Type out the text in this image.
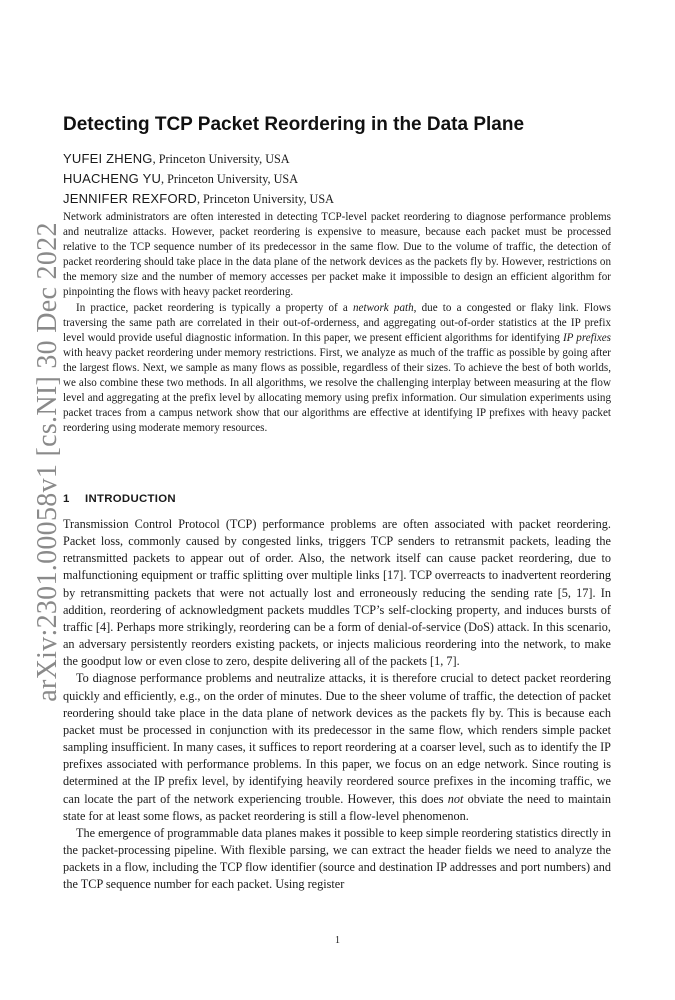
arXiv:2301.00058v1 [cs.NI] 30 Dec 2022
Detecting TCP Packet Reordering in the Data Plane
YUFEI ZHENG, Princeton University, USA
HUACHENG YU, Princeton University, USA
JENNIFER REXFORD, Princeton University, USA

Network administrators are often interested in detecting TCP-level packet reordering to diagnose performance problems and neutralize attacks. However, packet reordering is expensive to measure, because each packet must be processed relative to the TCP sequence number of its predecessor in the same flow. Due to the volume of traffic, the detection of packet reordering should take place in the data plane of the network devices as the packets fly by. However, restrictions on the memory size and the number of memory accesses per packet make it impossible to design an efficient algorithm for pinpointing the flows with heavy packet reordering.

In practice, packet reordering is typically a property of a network path, due to a congested or flaky link. Flows traversing the same path are correlated in their out-of-orderness, and aggregating out-of-order statistics at the IP prefix level would provide useful diagnostic information. In this paper, we present efficient algorithms for identifying IP prefixes with heavy packet reordering under memory restrictions. First, we analyze as much of the traffic as possible by going after the largest flows. Next, we sample as many flows as possible, regardless of their sizes. To achieve the best of both worlds, we also combine these two methods. In all algorithms, we resolve the challenging interplay between measuring at the flow level and aggregating at the prefix level by allocating memory using prefix information. Our simulation experiments using packet traces from a campus network show that our algorithms are effective at identifying IP prefixes with heavy packet reordering using moderate memory resources.

1 INTRODUCTION

Transmission Control Protocol (TCP) performance problems are often associated with packet reordering. Packet loss, commonly caused by congested links, triggers TCP senders to retransmit packets, leading the retransmitted packets to appear out of order. Also, the network itself can cause packet reordering, due to malfunctioning equipment or traffic splitting over multiple links [17]. TCP overreacts to inadvertent reordering by retransmitting packets that were not actually lost and erroneously reducing the sending rate [5, 17]. In addition, reordering of acknowledgment packets muddles TCP’s self-clocking property, and induces bursts of traffic [4]. Perhaps more strikingly, reordering can be a form of denial-of-service (DoS) attack. In this scenario, an adversary persistently reorders existing packets, or injects malicious reordering into the network, to make the goodput low or even close to zero, despite delivering all of the packets [1, 7].

To diagnose performance problems and neutralize attacks, it is therefore crucial to detect packet reordering quickly and efficiently, e.g., on the order of minutes. Due to the sheer volume of traffic, the detection of packet reordering should take place in the data plane of network devices as the packets fly by. This is because each packet must be processed in conjunction with its predecessor in the same flow, which renders simple packet sampling insufficient. In many cases, it suffices to report reordering at a coarser level, such as to identify the IP prefixes associated with performance problems. In this paper, we focus on an edge network. Since routing is determined at the IP prefix level, by identifying heavily reordered source prefixes in the incoming traffic, we can locate the part of the network experiencing trouble. However, this does not obviate the need to maintain state for at least some flows, as packet reordering is still a flow-level phenomenon.

The emergence of programmable data planes makes it possible to keep simple reordering statistics directly in the packet-processing pipeline. With flexible parsing, we can extract the header fields we need to analyze the packets in a flow, including the TCP flow identifier (source and destination IP addresses and port numbers) and the TCP sequence number for each packet. Using register

1
